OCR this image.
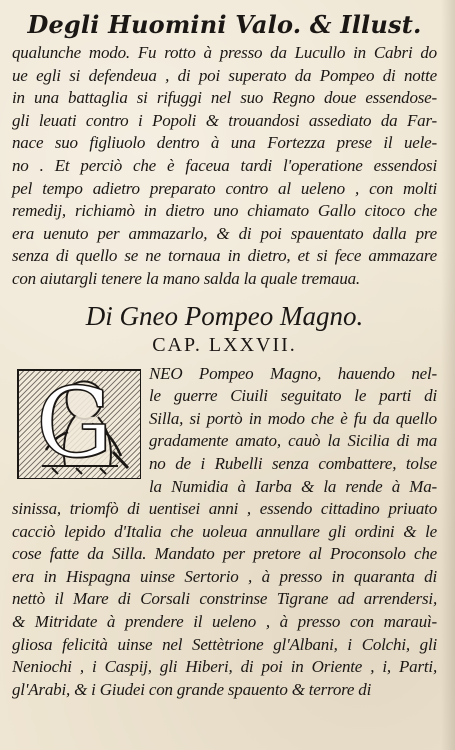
Degli Huomini Valo. & Illust.
qualunche modo. Fu rotto à presso da Lucullo in Cabri do
ue egli si defendeua , di poi superato da Pompeo di notte
in una battaglia si rifuggi nel suo Regno doue essendose-
gli leuati contro i Popoli & trouandosi assediato da Far-
nace suo figliuolo dentro à una Fortezza prese il uele-
no . Et perciò che è faceua tardi l'operatione essendosi
pel tempo adietro preparato contro al ueleno , con molti
remedij, richiamò in dietro uno chiamato Gallo citoco che
era uenuto per ammazarlo, & di poi spauentato dalla pre
senza di quello se ne tornaua in dietro, et si fece ammazare
con aiutargli tenere la mano salda la quale tremaua.
Di Gneo Pompeo Magno.
CAP. LXXVII.
G	NEO Pompeo Magno, hauendo nel-
le guerre Ciuili seguitato le parti di
Silla, si portò in modo che è fu da quello
gradamente amato, cauò la Sicilia di ma
no de i Rubelli senza combattere, tolse
la Numidia à Iarba & la rende à Ma-
sinissa, triomfò di uentisei anni , essendo cittadino priuato
cacciò lepido d'Italia che uoleua annullare gli ordini & le
cose fatte da Silla. Mandato per pretore al Proconsolo che
era in Hispagna uinse Sertorio , à presso in quaranta di
nettò il Mare di Corsali constrinse Tigrane ad arrendersi,
& Mitridate à prendere il ueleno , à presso con marauì-
gliosa felicità uinse nel Settètrione gl'Albani, i Colchi, gli
Neniochi , i Caspij, gli Hiberi, di poi in Oriente , i, Parti,
gl'Arabi, & i Giudei con grande spauento & terrore di
